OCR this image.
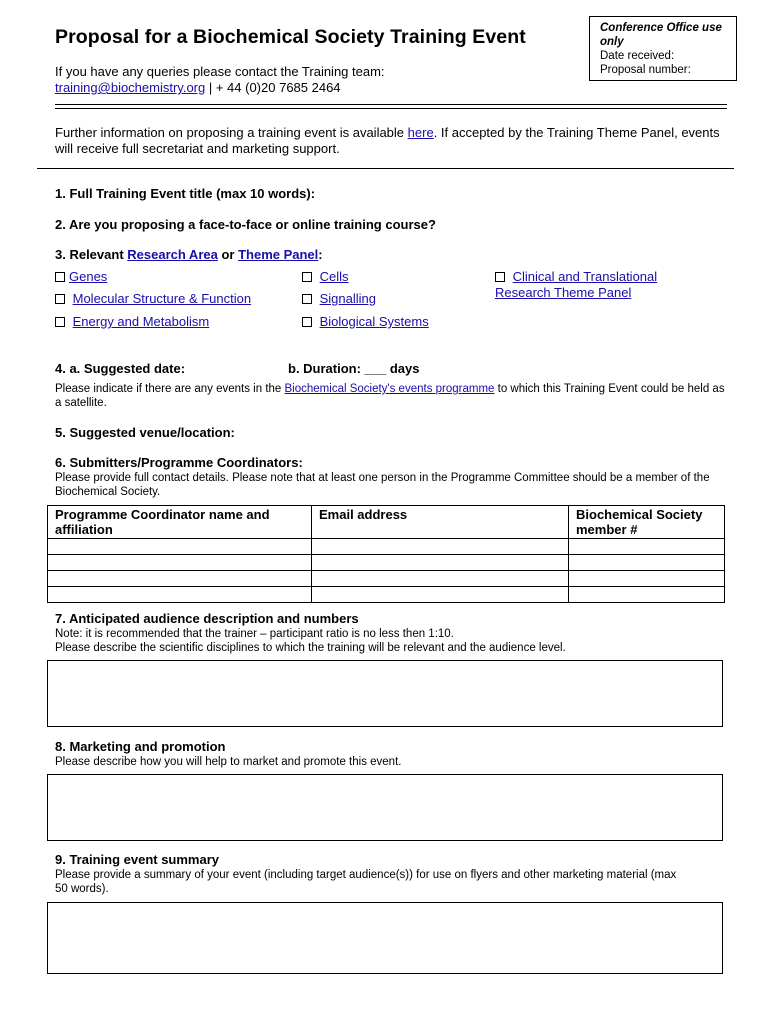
Proposal for a Biochemical Society Training Event	Conference Office use only
Date received:
Proposal number:
If you have any queries please contact the Training team:
training@biochemistry.org | + 44 (0)20 7685 2464
Further information on proposing a training event is available here. If accepted by the Training Theme Panel, events will receive full secretariat and marketing support.
1. Full Training Event title (max 10 words):
2. Are you proposing a face-to-face or online training course?
3. Relevant Research Area or Theme Panel:
Genes
Molecular Structure & Function
Energy and Metabolism
Cells
Signalling
Biological Systems
Clinical and Translational Research Theme Panel
4. a. Suggested date:	b. Duration: ___ days
Please indicate if there are any events in the Biochemical Society's events programme to which this Training Event could be held as a satellite.
5. Suggested venue/location:
6. Submitters/Programme Coordinators:
Please provide full contact details. Please note that at least one person in the Programme Committee should be a member of the Biochemical Society.
Programme Coordinator name and affiliation	Email address	Biochemical Society member #

7. Anticipated audience description and numbers
Note: it is recommended that the trainer – participant ratio is no less then 1:10.
Please describe the scientific disciplines to which the training will be relevant and the audience level.
8. Marketing and promotion
Please describe how you will help to market and promote this event.
9. Training event summary
Please provide a summary of your event (including target audience(s)) for use on flyers and other marketing material (max 50 words).
